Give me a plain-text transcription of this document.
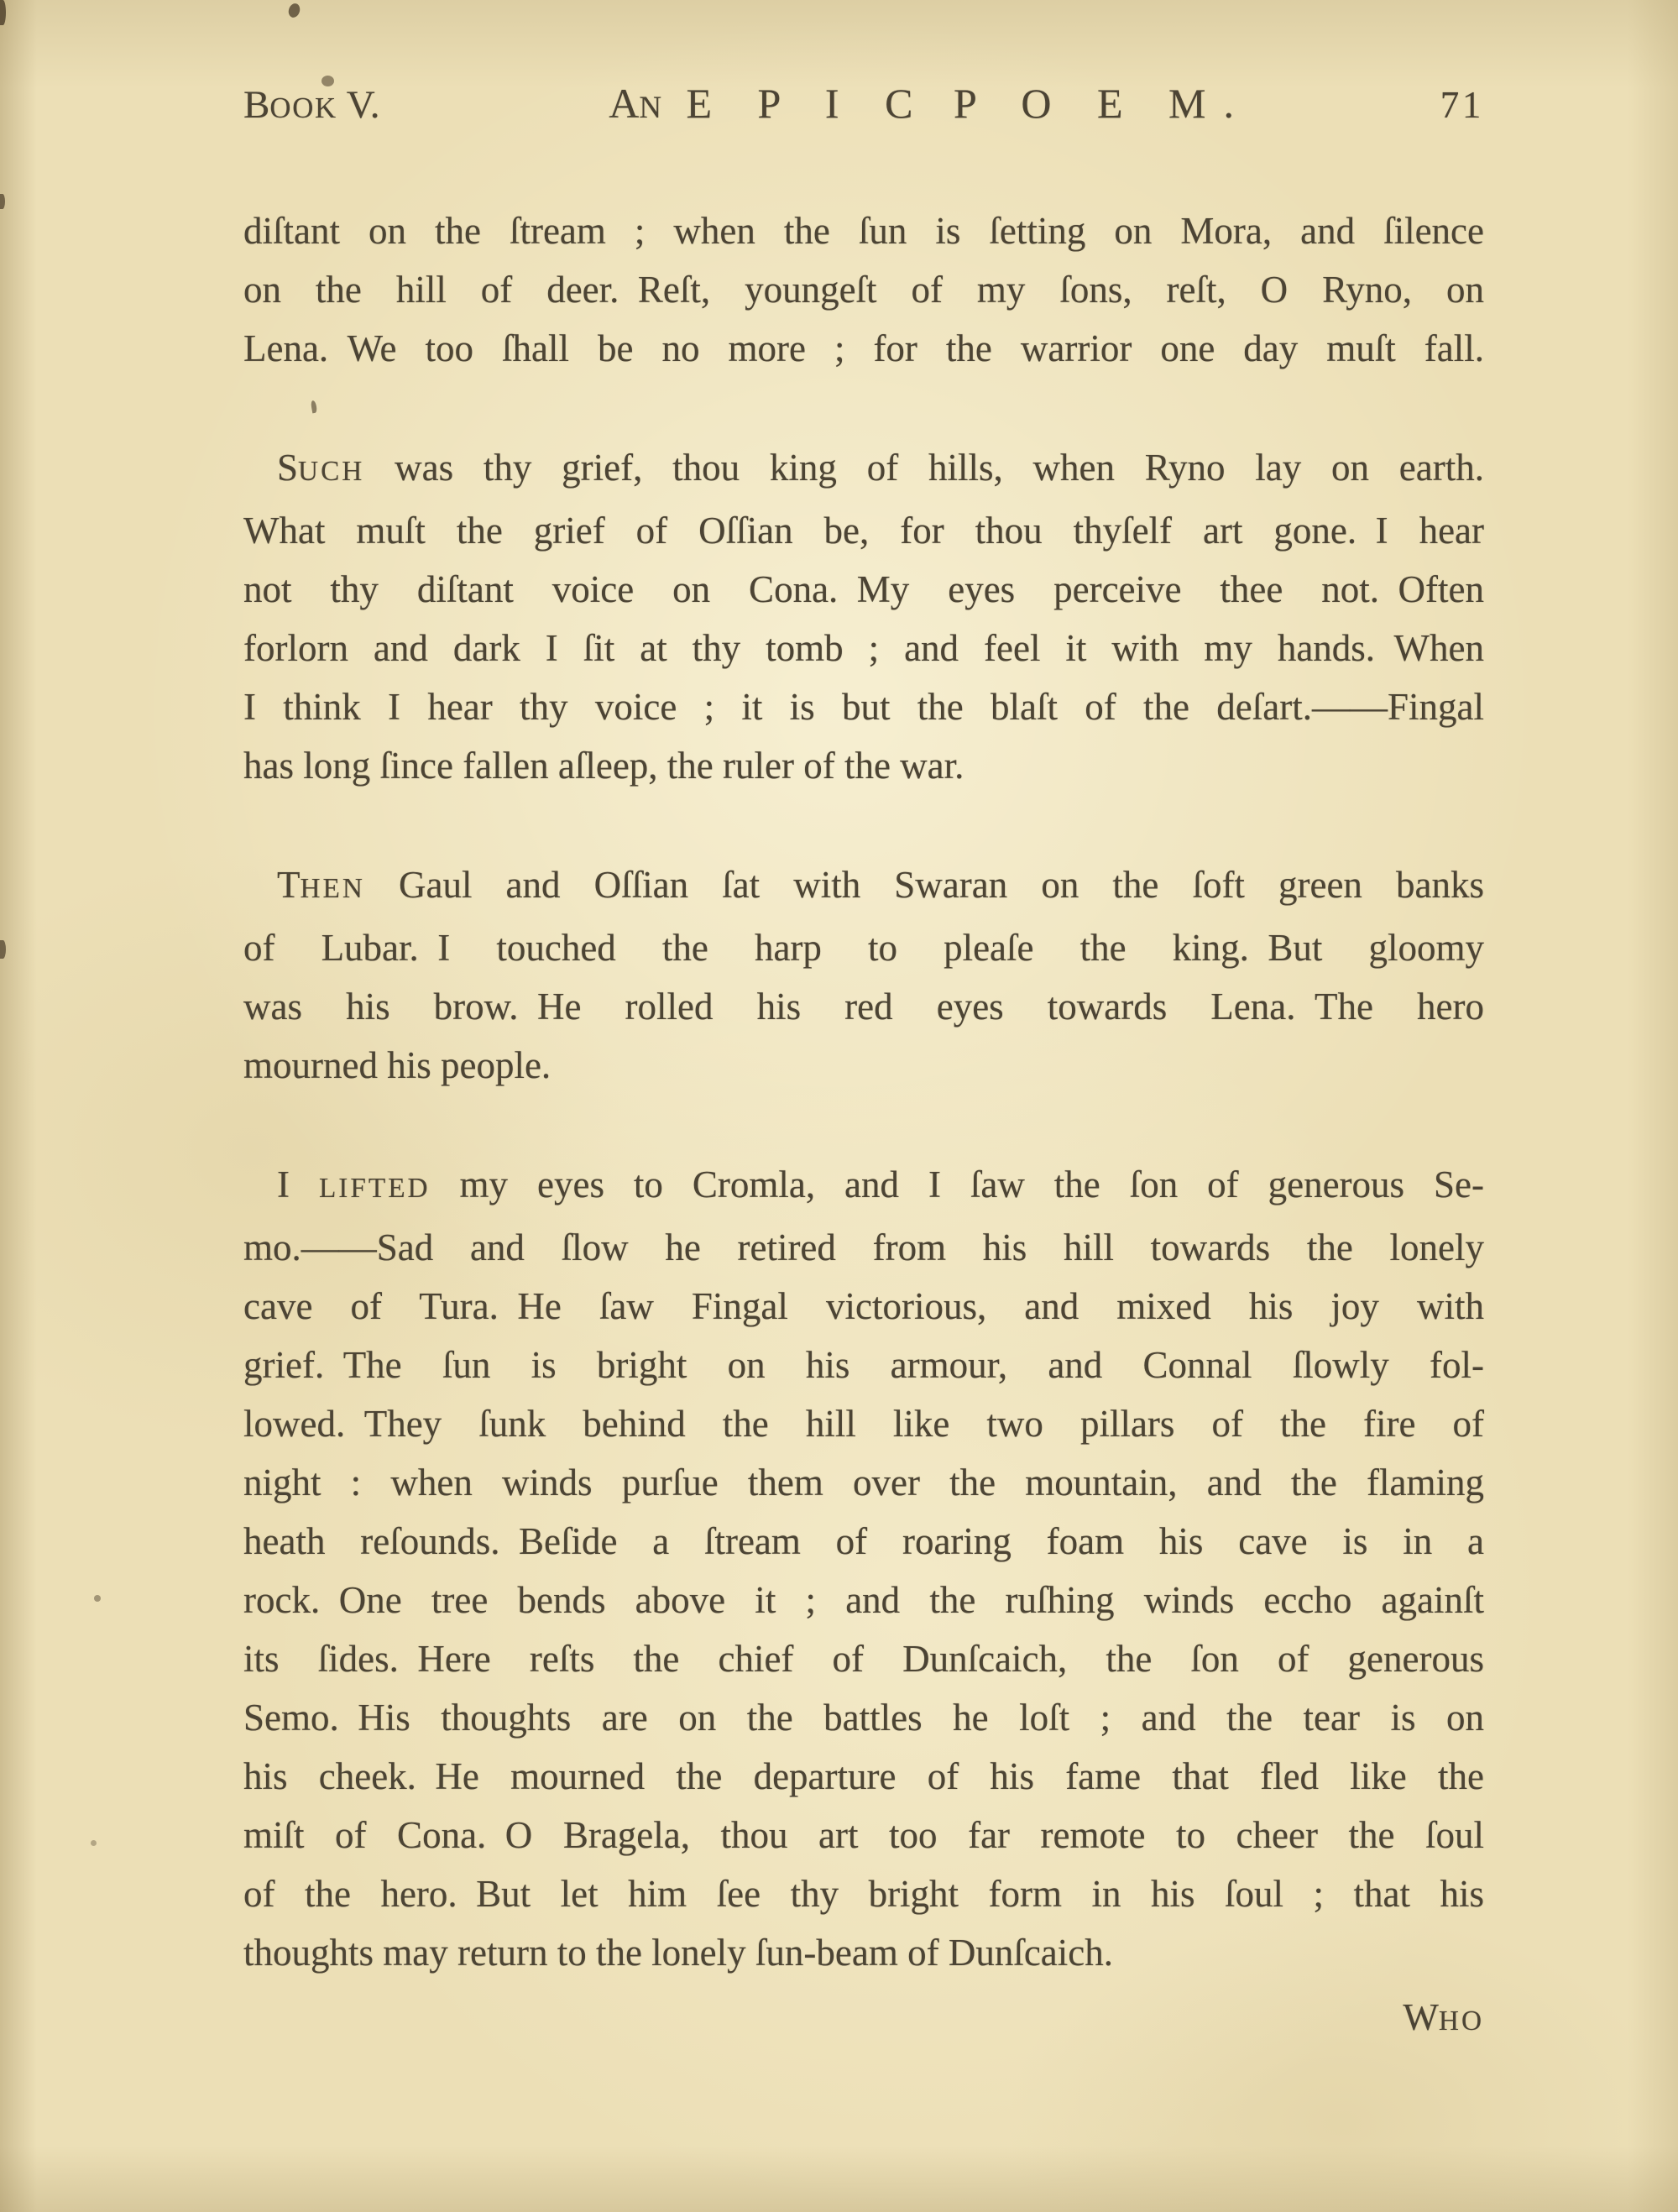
BOOK V.	AN E P I C P O E M.	71
diſtant on the ſtream ; when the ſun is ſetting on Mora, and ſilence
on the hill of deer. Reſt, youngeſt of my ſons, reſt, O Ryno, on
Lena. We too ſhall be no more ; for the warrior one day muſt fall.
SUCH was thy grief, thou king of hills, when Ryno lay on earth.
What muſt the grief of Oſſian be, for thou thyſelf art gone. I hear
not thy diſtant voice on Cona. My eyes perceive thee not. Often
forlorn and dark I ſit at thy tomb ; and feel it with my hands. When
I think I hear thy voice ; it is but the blaſt of the deſart.——Fingal
has long ſince fallen aſleep, the ruler of the war.
THEN Gaul and Oſſian ſat with Swaran on the ſoft green banks
of Lubar. I touched the harp to pleaſe the king. But gloomy
was his brow. He rolled his red eyes towards Lena. The hero
mourned his people.
I LIFTED my eyes to Cromla, and I ſaw the ſon of generous Se-
mo.——Sad and ſlow he retired from his hill towards the lonely
cave of Tura. He ſaw Fingal victorious, and mixed his joy with
grief. The ſun is bright on his armour, and Connal ſlowly fol-
lowed. They ſunk behind the hill like two pillars of the fire of
night : when winds purſue them over the mountain, and the flaming
heath reſounds. Beſide a ſtream of roaring foam his cave is in a
rock. One tree bends above it ; and the ruſhing winds eccho againſt
its ſides. Here reſts the chief of Dunſcaich, the ſon of generous
Semo. His thoughts are on the battles he loſt ; and the tear is on
his cheek. He mourned the departure of his fame that fled like the
miſt of Cona. O Bragela, thou art too far remote to cheer the ſoul
of the hero. But let him ſee thy bright form in his ſoul ; that his
thoughts may return to the lonely ſun-beam of Dunſcaich.
WHO
